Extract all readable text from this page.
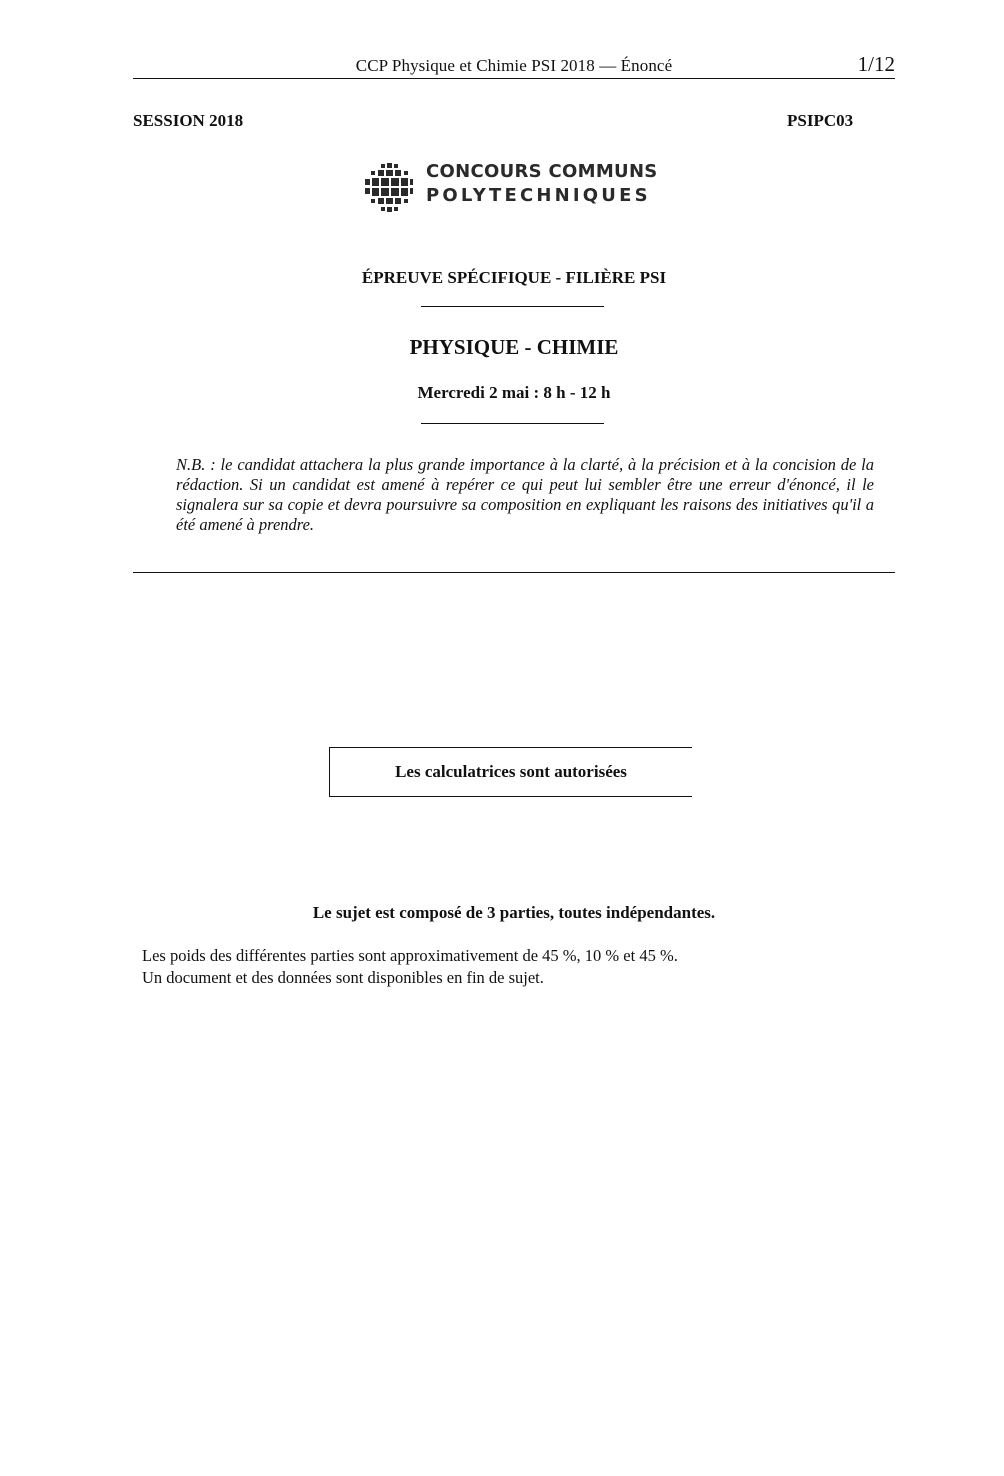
CCP Physique et Chimie PSI 2018 — Énoncé	1/12
SESSION 2018	PSIPC03
CONCOURS COMMUNS
POLYTECHNIQUES
ÉPREUVE SPÉCIFIQUE - FILIÈRE PSI
PHYSIQUE - CHIMIE
Mercredi 2 mai : 8 h - 12 h
N.B. : le candidat attachera la plus grande importance à la clarté, à la précision et à la concision de la rédaction. Si un candidat est amené à repérer ce qui peut lui sembler être une erreur d'énoncé, il le signalera sur sa copie et devra poursuivre sa composition en expliquant les raisons des initiatives qu'il a été amené à prendre.
Les calculatrices sont autorisées
Le sujet est composé de 3 parties, toutes indépendantes.
Les poids des différentes parties sont approximativement de 45 %, 10 % et 45 %.
Un document et des données sont disponibles en fin de sujet.
